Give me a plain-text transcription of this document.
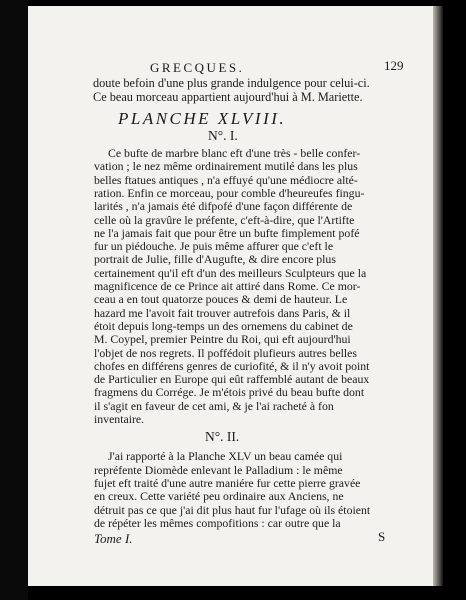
GRECQUES.	129
doute befoin d'une plus grande indulgence pour celui-ci.
Ce beau morceau appartient aujourd'hui à M. Mariette.
PLANCHE XLVIII.
N°. I.
Ce bufte de marbre blanc eft d'une très - belle confer-
vation ; le nez même ordinairement mutilé dans les plus
belles ftatues antiques , n'a effuyé qu'une médiocre alté-
ration. Enfin ce morceau, pour comble d'heureufes fingu-
larités , n'a jamais été difpofé d'une façon différente de
celle où la gravûre le préfente, c'eft-à-dire, que l'Artifte
ne l'a jamais fait que pour être un bufte fimplement pofé
fur un piédouche. Je puis même affurer que c'eft le
portrait de Julie, fille d'Augufte, & dire encore plus
certainement qu'il eft d'un des meilleurs Sculpteurs que la
magnificence de ce Prince ait attiré dans Rome. Ce mor-
ceau a en tout quatorze pouces & demi de hauteur. Le
hazard me l'avoit fait trouver autrefois dans Paris, & il
étoit depuis long-temps un des ornemens du cabinet de
M. Coypel, premier Peintre du Roi, qui eft aujourd'hui
l'objet de nos regrets. Il poffédoit plufieurs autres belles
chofes en différens genres de curiofité, & il n'y avoit point
de Particulier en Europe qui eût raffemblé autant de beaux
fragmens du Corrége. Je m'étois privé du beau bufte dont
il s'agit en faveur de cet ami, & je l'ai racheté à fon
inventaire.
Tome I.	S
N°. II.
J'ai rapporté à la Planche XLV un beau camée qui
repréfente Diomède enlevant le Palladium : le même
fujet eft traité d'une autre maniére fur cette pierre gravée
en creux. Cette variété peu ordinaire aux Anciens, ne
détruit pas ce que j'ai dit plus haut fur l'ufage où ils étoient
de répéter les mêmes compofitions : car outre que la
